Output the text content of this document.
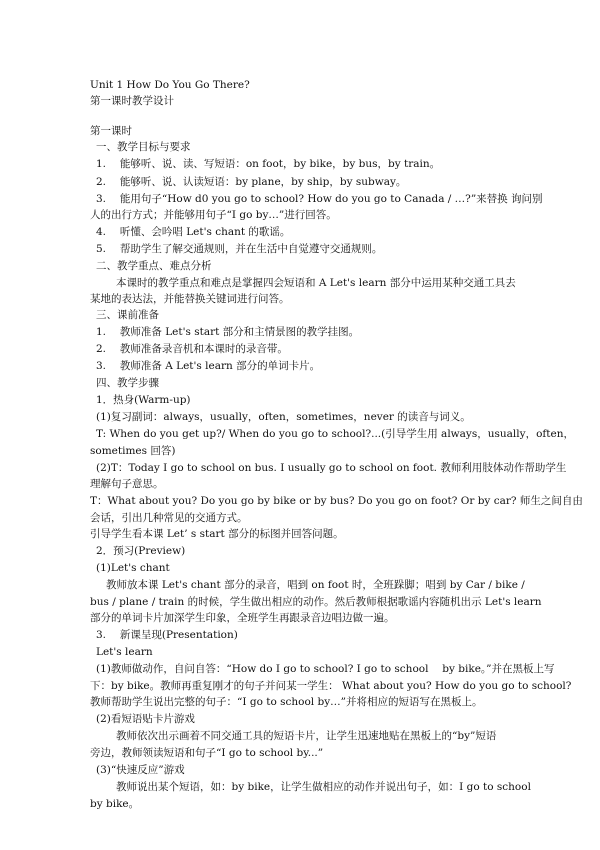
Unit 1 How Do You Go There?
第一课时教学设计
第一课时
一、教学目标与要求
1.　 能够听、说、读、写短语：on foot，by bike，by bus，by train。
2.　 能够听、说、认读短语：by plane，by ship，by subway。
3.　 能用句子“How d0 you go to school? How do you go to Canada / …?”来替换 询问别
人的出行方式；并能够用句子“I go by…”进行回答。
4.　 听懂、会吟唱 Let's chant 的歌谣。
5.　 帮助学生了解交通规则，并在生活中自觉遵守交通规则。
二、教学重点、难点分析
本课时的教学重点和难点是掌握四会短语和 A Let's learn 部分中运用某种交通工具去
某地的表达法，并能替换关键词进行问答。
三、课前准备
1.　 教师准备 Let's start 部分和主情景图的教学挂图。
2.　 教师准备录音机和本课时的录音带。
3.　 教师准备 A Let's learn 部分的单词卡片。
四、教学步骤
1．热身(Warm-up)
(1)复习副词：always，usually，often，sometimes，never 的读音与词义。
T: When do you get up?/ When do you go to school?...(引导学生用 always，usually，often，
sometimes 回答)
(2)T：Today I go to school on bus. I usually go to school on foot. 教师利用肢体动作帮助学生
理解句子意思。
T：What about you? Do you go by bike or by bus? Do you go on foot? Or by car? 师生之间自由
会话，引出几种常见的交通方式。
引导学生看本课 Let’ s start 部分的标图并回答问题。
2．预习(Preview)
(1)Let's chant
教师放本课 Let's chant 部分的录音，唱到 on foot 时，全班跺脚；唱到 by Car / bike /
bus / plane / train 的时候，学生做出相应的动作。然后教师根据歌谣内容随机出示 Let's learn
部分的单词卡片加深学生印象，全班学生再跟录音边唱边做一遍。
3.　 新课呈现(Presentation)
Let's learn
(1)教师做动作，自问自答：“How do I go to school? I go to school 　by bike。”并在黑板上写
下：by bike。教师再重复刚才的句子并问某一学生： What about you? How do you go to school?
教师帮助学生说出完整的句子：“I go to school by…”并将相应的短语写在黑板上。
(2)看短语贴卡片游戏
教师依次出示画着不同交通工具的短语卡片，让学生迅速地贴在黑板上的“by”短语
旁边，教师领读短语和句子“I go to school by...”
(3)“快速反应”游戏
教师说出某个短语，如：by bike，让学生做相应的动作并说出句子，如：I go to school
by bike。
